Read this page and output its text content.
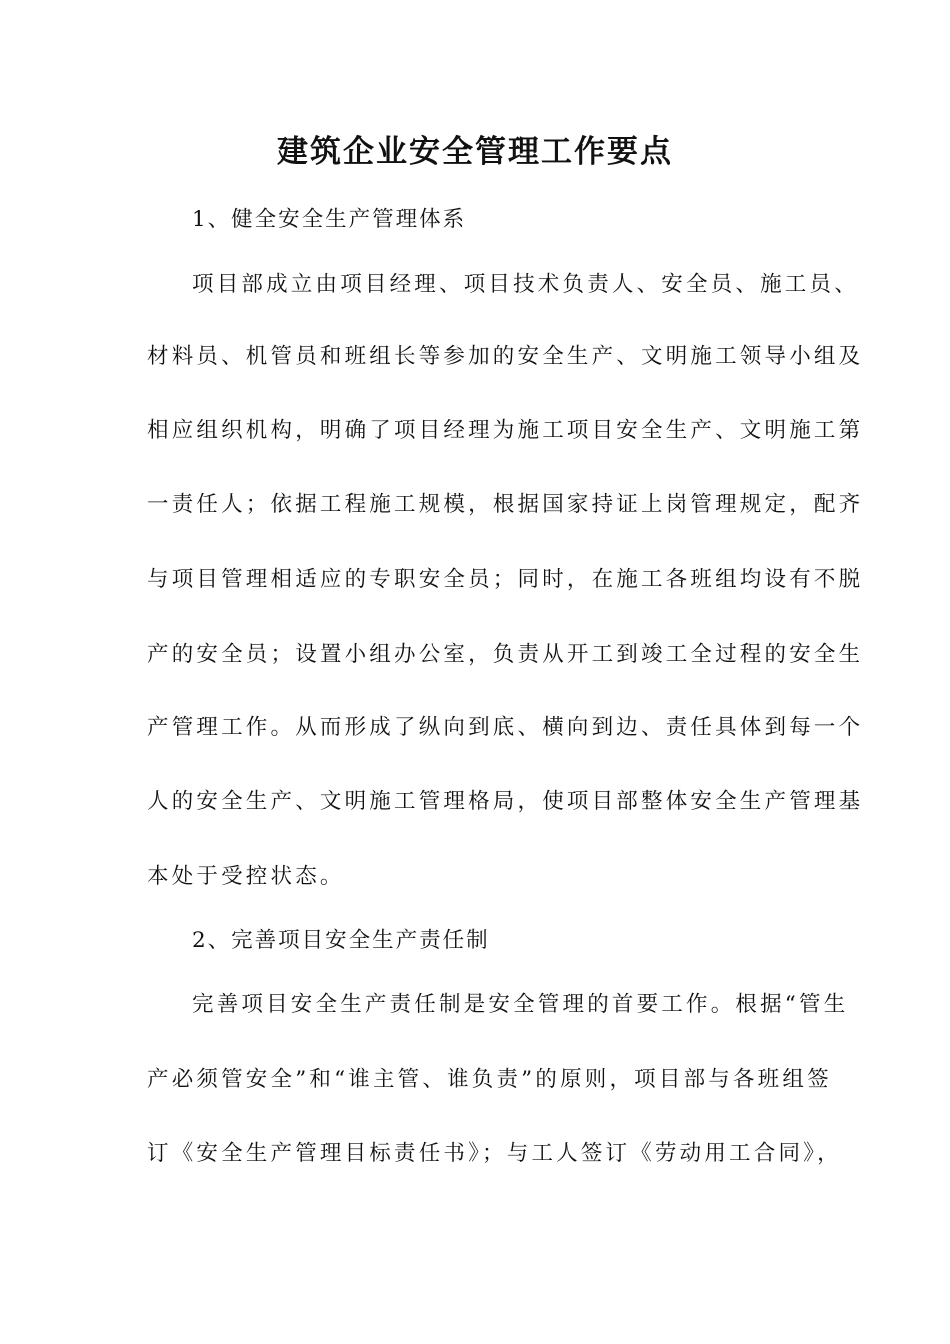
建筑企业安全管理工作要点
1、健全安全生产管理体系
项目部成立由项目经理、项目技术负责人、安全员、施工员、
材料员、机管员和班组长等参加的安全生产、文明施工领导小组及
相应组织机构，明确了项目经理为施工项目安全生产、文明施工第
一责任人；依据工程施工规模，根据国家持证上岗管理规定，配齐
与项目管理相适应的专职安全员；同时，在施工各班组均设有不脱
产的安全员；设置小组办公室，负责从开工到竣工全过程的安全生
产管理工作。从而形成了纵向到底、横向到边、责任具体到每一个
人的安全生产、文明施工管理格局，使项目部整体安全生产管理基
本处于受控状态。
2、完善项目安全生产责任制
完善项目安全生产责任制是安全管理的首要工作。根据“管生
产必须管安全”和“谁主管、谁负责”的原则，项目部与各班组签
订《安全生产管理目标责任书》；与工人签订《劳动用工合同》，
